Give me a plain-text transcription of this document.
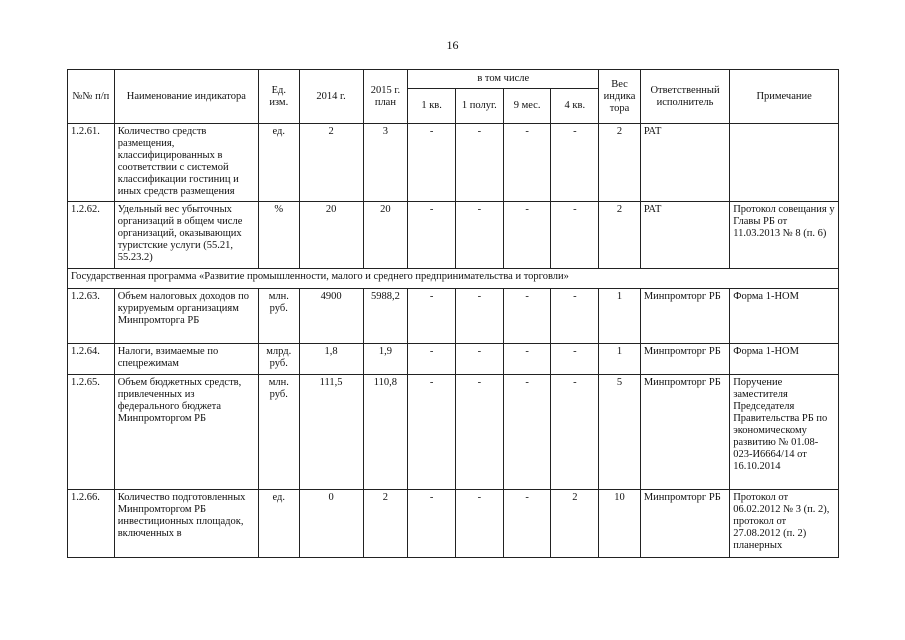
16
№№ п/п	Наименование индикатора	Ед. изм.	2014 г.	2015 г. план	в том числе				Вес индика тора	Ответственный исполнитель	Примечание
					1 кв.	1 полуг.	9 мес.	4 кв.			
1.2.61.	Количество средств размещения, классифицированных в соответствии с системой классификации гостиниц и иных средств размещения	ед.	2	3	-	-	-	-	2	РАТ	
1.2.62.	Удельный вес убыточных организаций в общем числе организаций, оказывающих туристские услуги (55.21, 55.23.2)	%	20	20	-	-	-	-	2	РАТ	Протокол совещания у Главы РБ от 11.03.2013 № 8 (п. 6)
Государственная программа «Развитие промышленности, малого и среднего предпринимательства и торговли»											
1.2.63.	Объем налоговых доходов по курируемым организациям Минпромторга РБ	млн. руб.	4900	5988,2	-	-	-	-	1	Минпромторг РБ	Форма 1-НОМ
1.2.64.	Налоги, взимаемые по спецрежимам	млрд. руб.	1,8	1,9	-	-	-	-	1	Минпромторг РБ	Форма 1-НОМ
1.2.65.	Объем бюджетных средств, привлеченных из федерального бюджета Минпромторгом РБ	млн. руб.	111,5	110,8	-	-	-	-	5	Минпромторг РБ	Поручение заместителя Председателя Правительства РБ по экономическому развитию № 01.08-023-И6664/14 от 16.10.2014
1.2.66.	Количество подготовленных Минпромторгом РБ инвестиционных площадок, включенных в	ед.	0	2	-	-	-	2	10	Минпромторг РБ	Протокол от 06.02.2012 № 3 (п. 2), протокол от 27.08.2012 (п. 2) планерных
